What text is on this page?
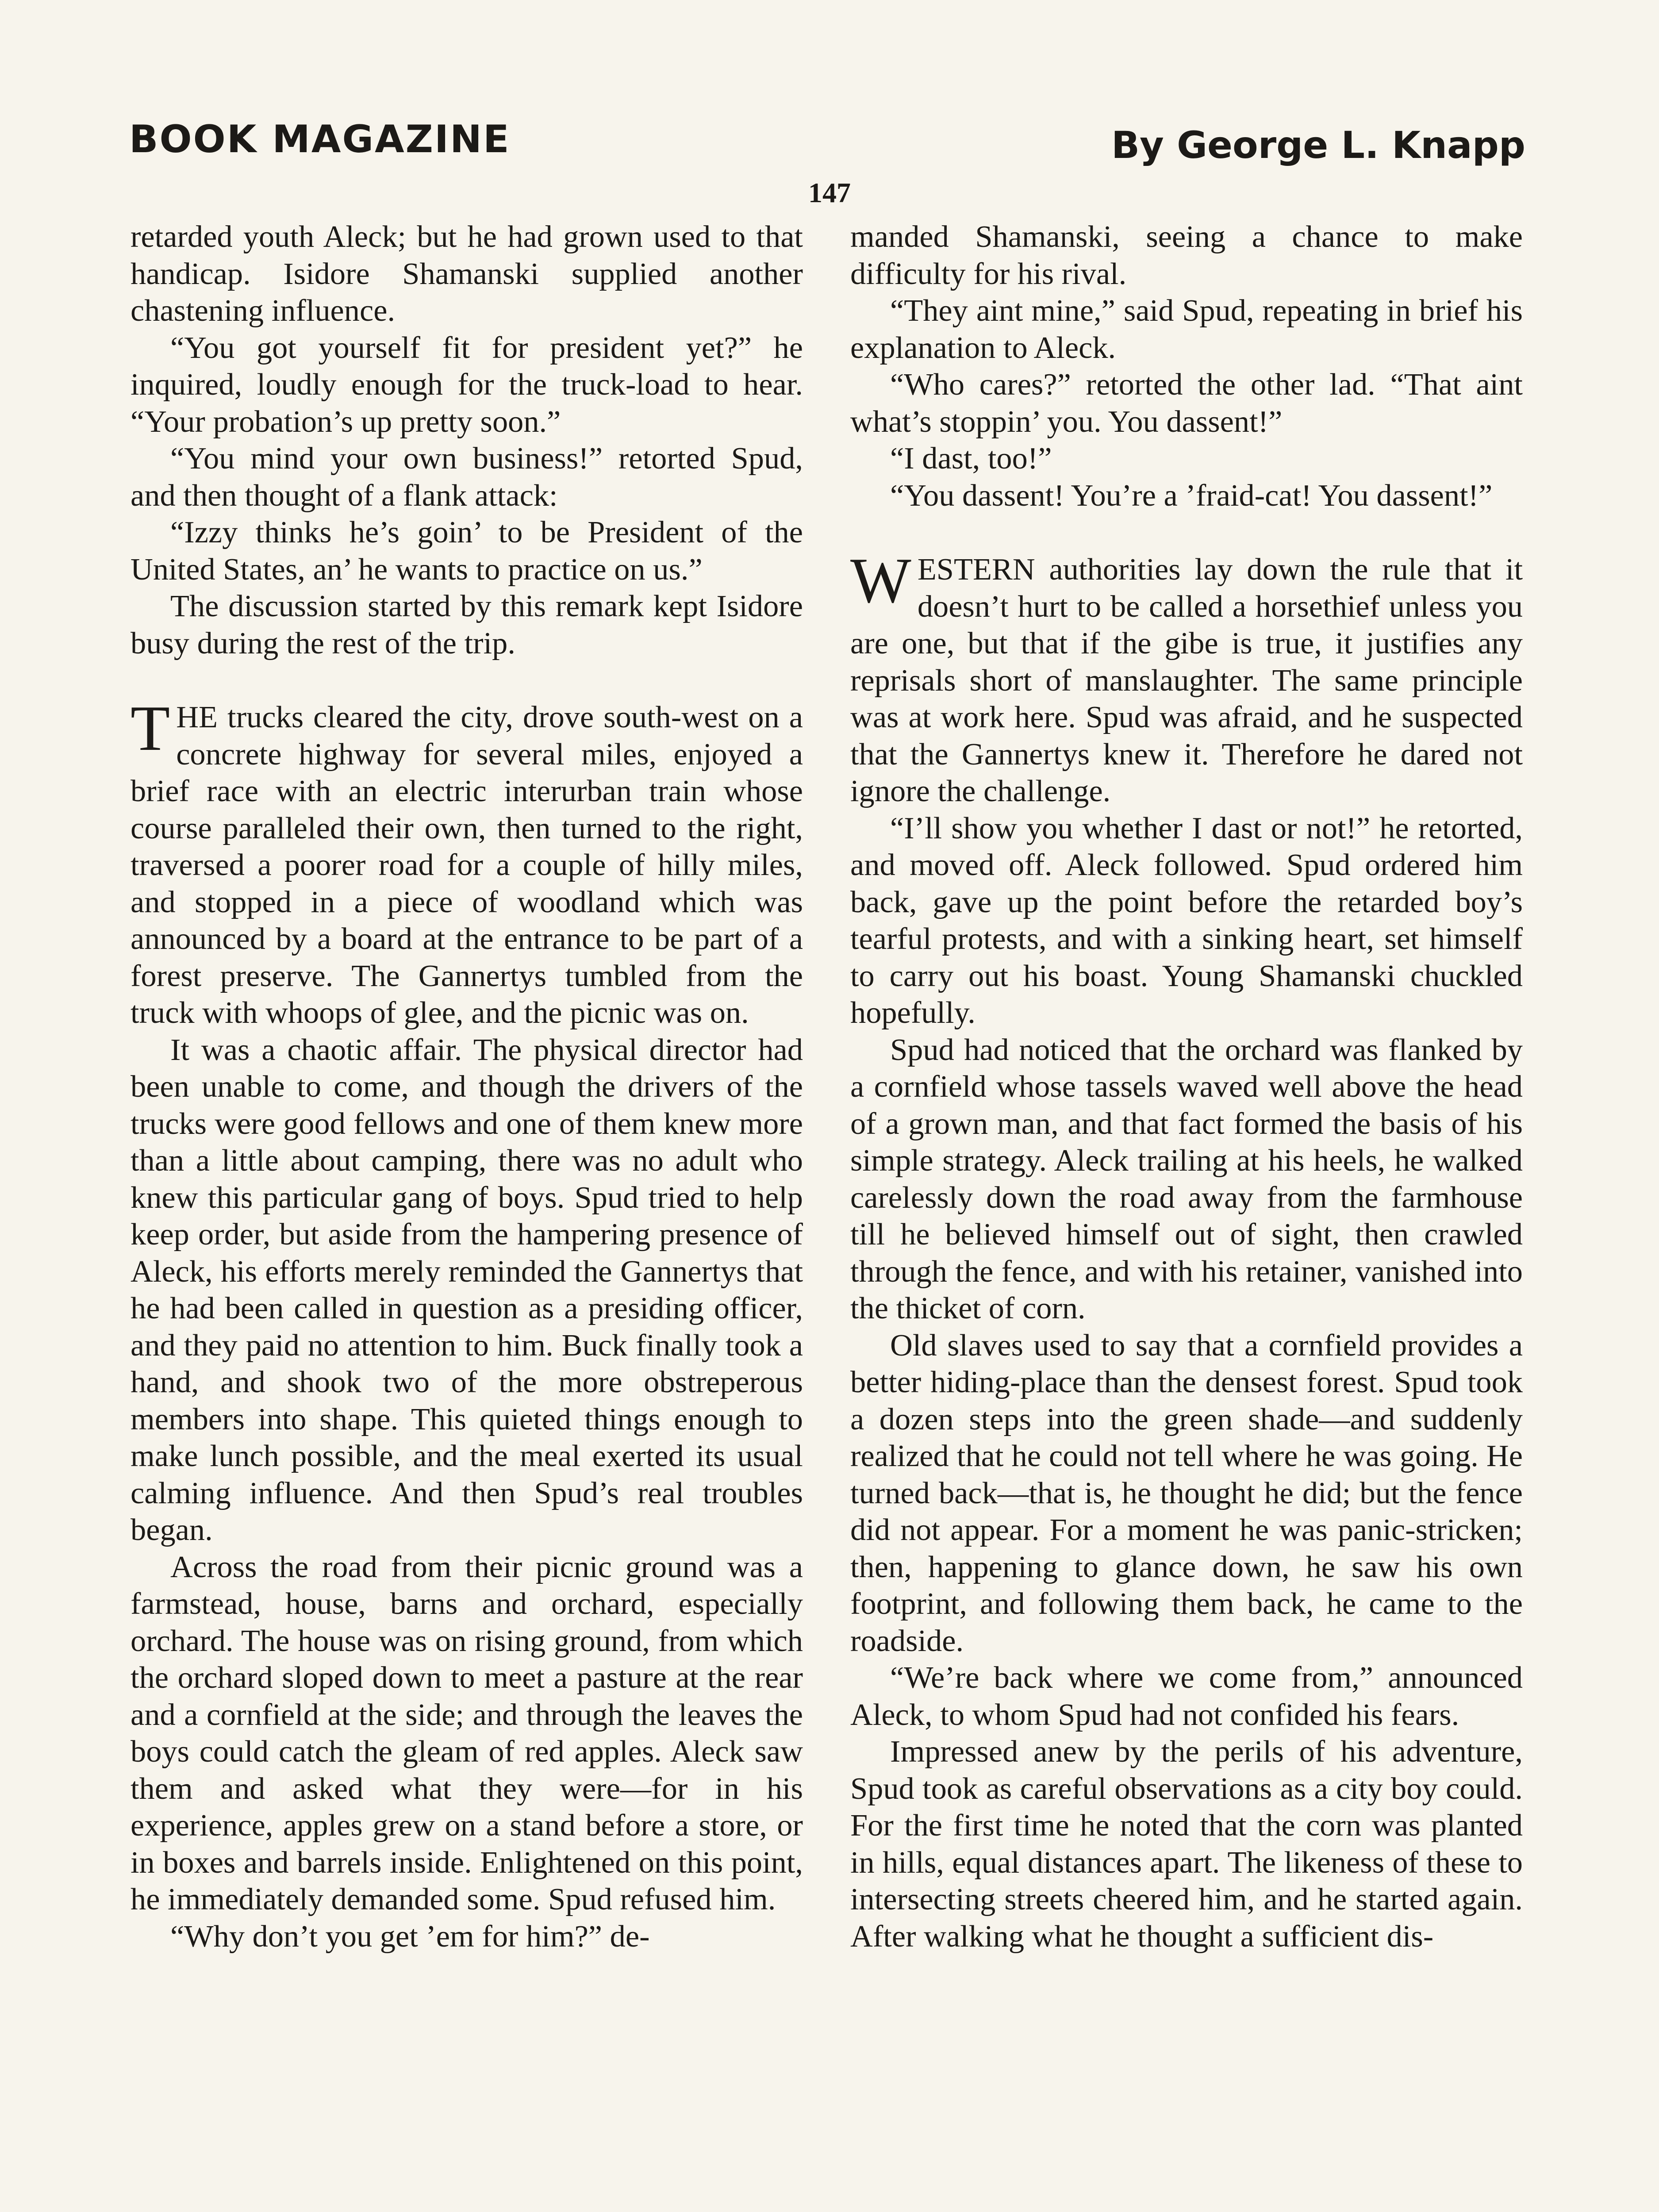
BOOK MAGAZINE	By George L. Knapp
147

retarded youth Aleck; but he had grown used to that handicap. Isidore Shamanski supplied another chastening influence.

“You got yourself fit for president yet?” he inquired, loudly enough for the truck-load to hear. “Your probation’s up pretty soon.”

“You mind your own business!” retorted Spud, and then thought of a flank attack:

“Izzy thinks he’s goin’ to be President of the United States, an’ he wants to practice on us.”

The discussion started by this remark kept Isidore busy during the rest of the trip.

THE trucks cleared the city, drove south-west on a concrete highway for several miles, enjoyed a brief race with an electric interurban train whose course paralleled their own, then turned to the right, traversed a poorer road for a couple of hilly miles, and stopped in a piece of woodland which was announced by a board at the entrance to be part of a forest preserve. The Gannertys tumbled from the truck with whoops of glee, and the picnic was on.

It was a chaotic affair. The physical director had been unable to come, and though the drivers of the trucks were good fellows and one of them knew more than a little about camping, there was no adult who knew this particular gang of boys. Spud tried to help keep order, but aside from the hampering presence of Aleck, his efforts merely reminded the Gannertys that he had been called in question as a presiding officer, and they paid no attention to him. Buck finally took a hand, and shook two of the more obstreperous members into shape. This quieted things enough to make lunch possible, and the meal exerted its usual calming influence. And then Spud’s real troubles began.

Across the road from their picnic ground was a farmstead, house, barns and orchard, especially orchard. The house was on rising ground, from which the orchard sloped down to meet a pasture at the rear and a cornfield at the side; and through the leaves the boys could catch the gleam of red apples. Aleck saw them and asked what they were—for in his experience, apples grew on a stand before a store, or in boxes and barrels inside. Enlightened on this point, he immediately demanded some. Spud refused him.

“Why don’t you get ’em for him?” de-

manded Shamanski, seeing a chance to make difficulty for his rival.

“They aint mine,” said Spud, repeating in brief his explanation to Aleck.

“Who cares?” retorted the other lad. “That aint what’s stoppin’ you. You dassent!”

“I dast, too!”

“You dassent! You’re a ’fraid-cat! You dassent!”

WESTERN authorities lay down the rule that it doesn’t hurt to be called a horsethief unless you are one, but that if the gibe is true, it justifies any reprisals short of manslaughter. The same principle was at work here. Spud was afraid, and he suspected that the Gannertys knew it. Therefore he dared not ignore the challenge.

“I’ll show you whether I dast or not!” he retorted, and moved off. Aleck followed. Spud ordered him back, gave up the point before the retarded boy’s tearful protests, and with a sinking heart, set himself to carry out his boast. Young Shamanski chuckled hopefully.

Spud had noticed that the orchard was flanked by a cornfield whose tassels waved well above the head of a grown man, and that fact formed the basis of his simple strategy. Aleck trailing at his heels, he walked carelessly down the road away from the farmhouse till he believed himself out of sight, then crawled through the fence, and with his retainer, vanished into the thicket of corn.

Old slaves used to say that a cornfield provides a better hiding-place than the densest forest. Spud took a dozen steps into the green shade—and suddenly realized that he could not tell where he was going. He turned back—that is, he thought he did; but the fence did not appear. For a moment he was panic-stricken; then, happening to glance down, he saw his own footprint, and following them back, he came to the roadside.

“We’re back where we come from,” announced Aleck, to whom Spud had not confided his fears.

Impressed anew by the perils of his adventure, Spud took as careful observations as a city boy could. For the first time he noted that the corn was planted in hills, equal distances apart. The likeness of these to intersecting streets cheered him, and he started again. After walking what he thought a sufficient dis-
